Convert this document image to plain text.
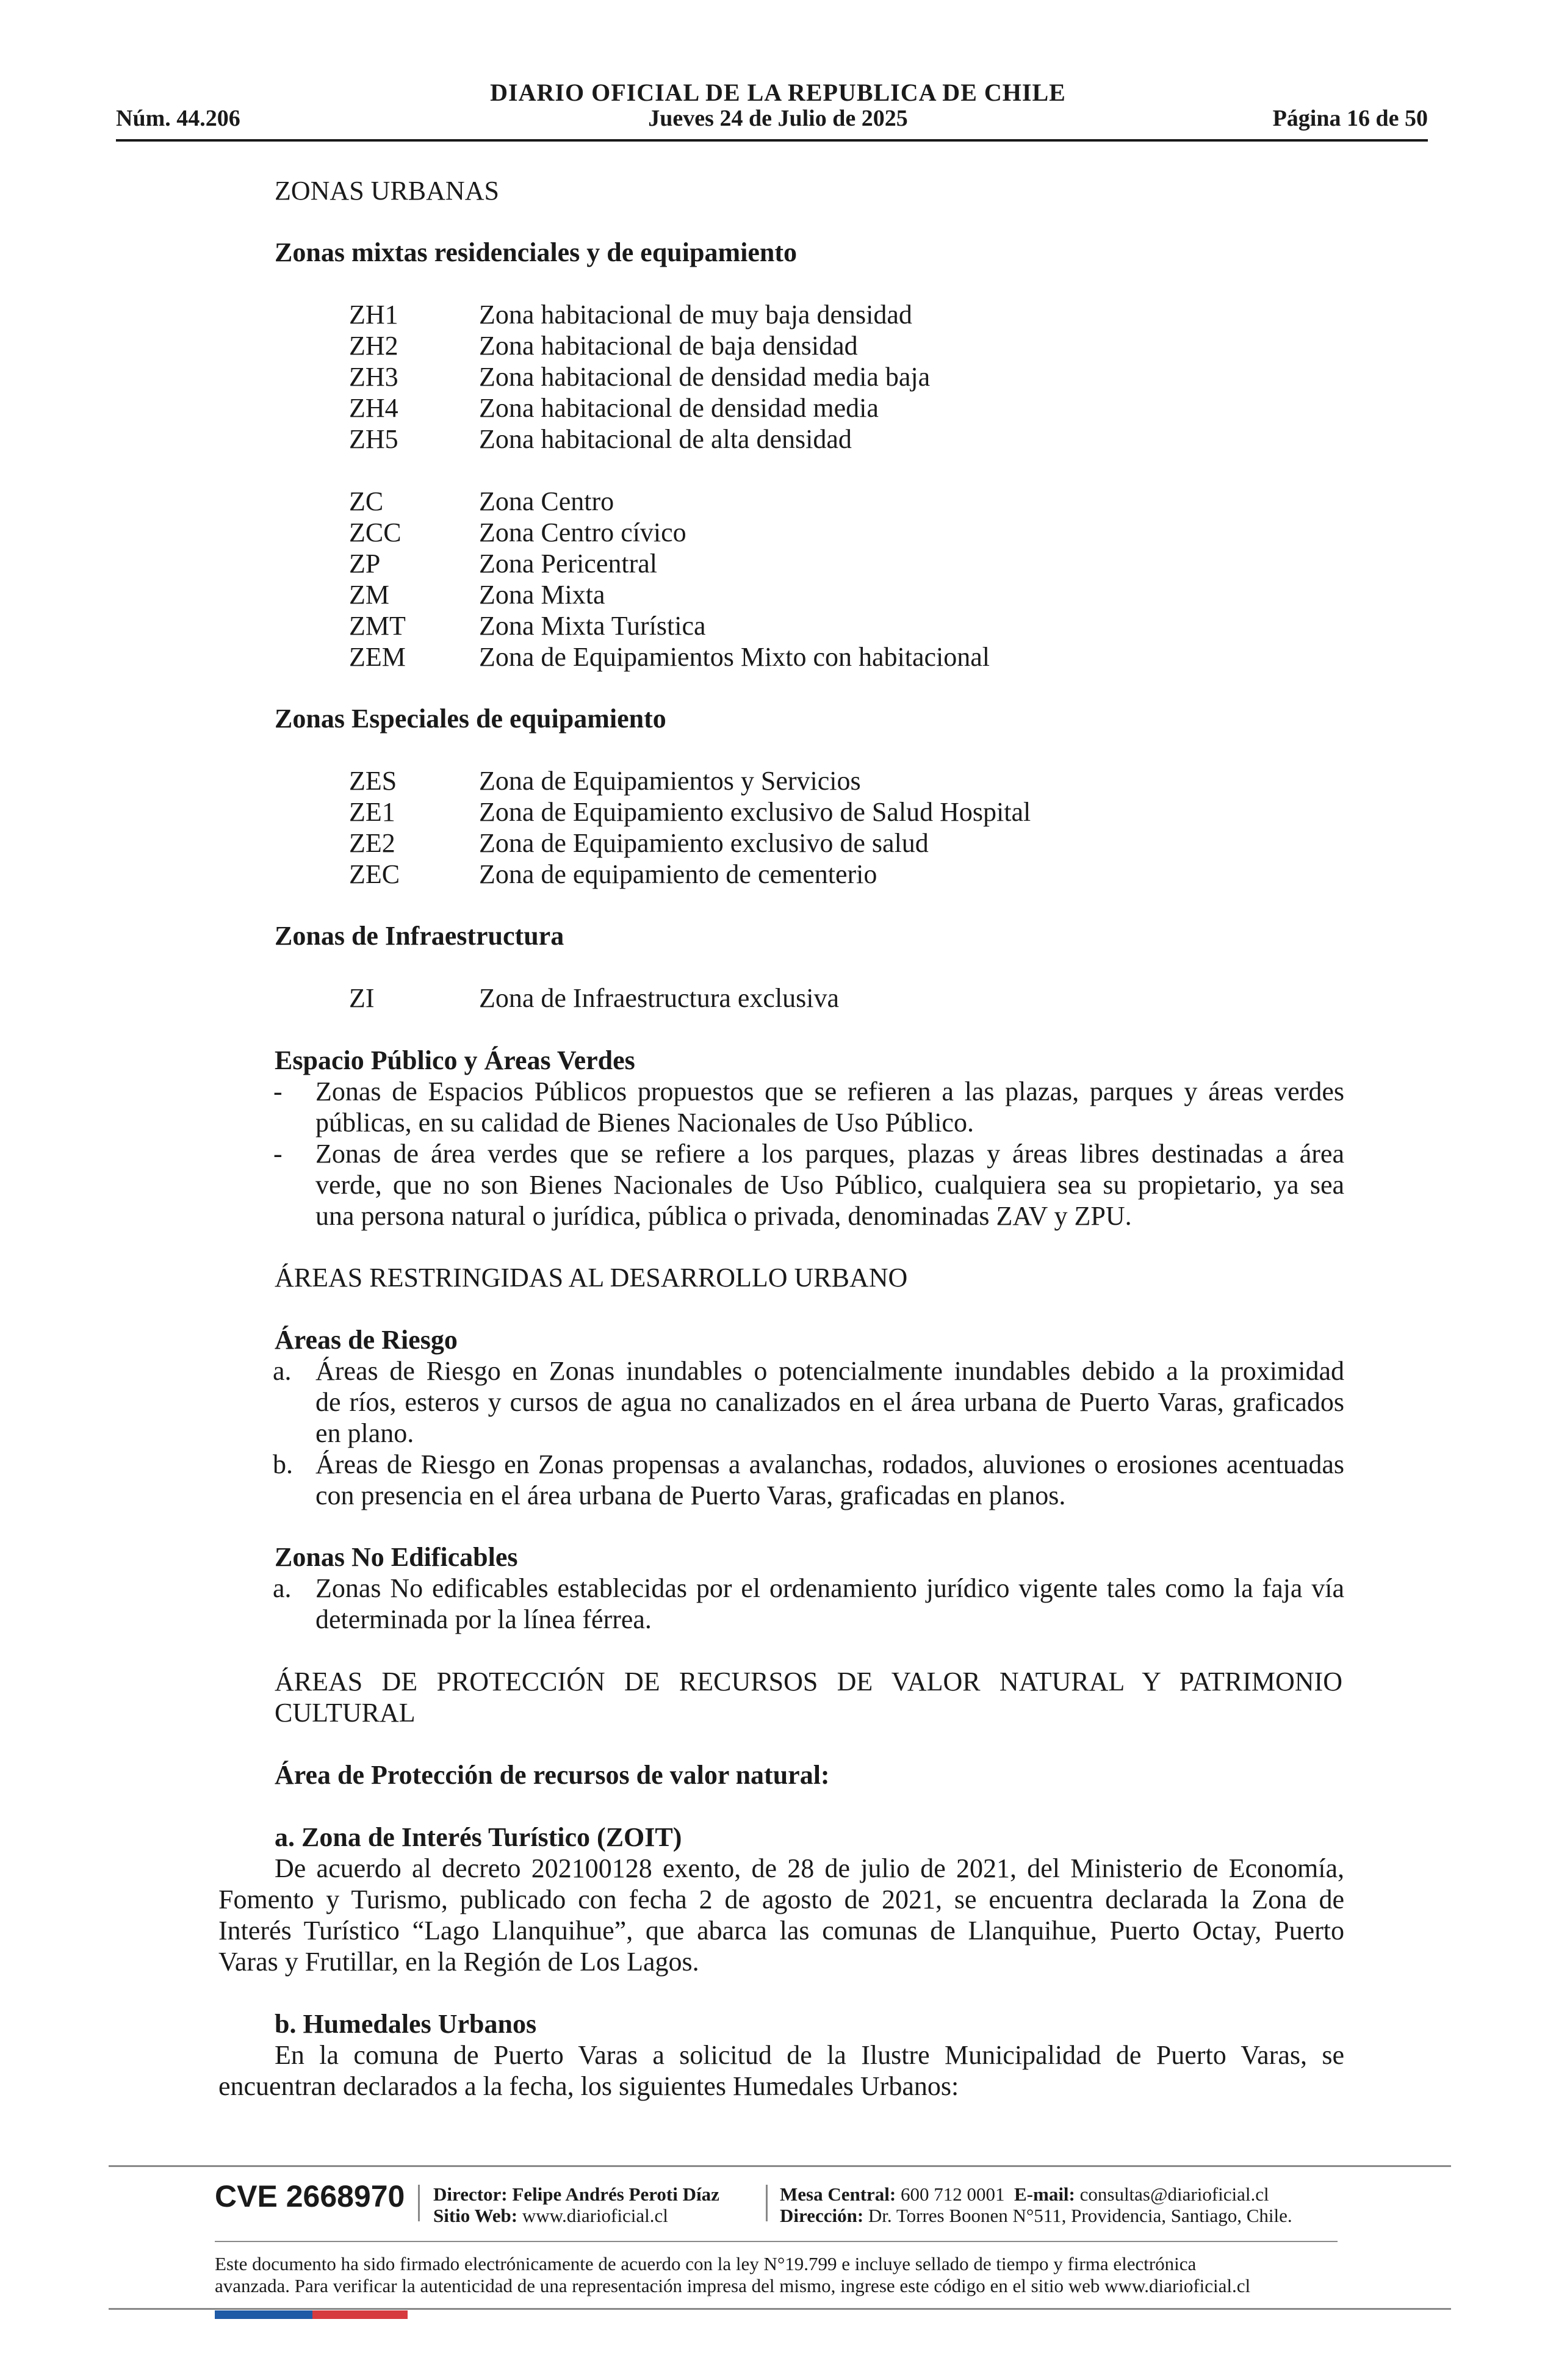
DIARIO OFICIAL DE LA REPUBLICA DE CHILE
Núm. 44.206	Jueves 24 de Julio de 2025	Página 16 de 50
ZONAS URBANAS
Zonas mixtas residenciales y de equipamiento
ZH1	Zona habitacional de muy baja densidad
ZH2	Zona habitacional de baja densidad
ZH3	Zona habitacional de densidad media baja
ZH4	Zona habitacional de densidad media
ZH5	Zona habitacional de alta densidad
ZC	Zona Centro
ZCC	Zona Centro cívico
ZP	Zona Pericentral
ZM	Zona Mixta
ZMT	Zona Mixta Turística
ZEM	Zona de Equipamientos Mixto con habitacional
Zonas Especiales de equipamiento
ZES	Zona de Equipamientos y Servicios
ZE1	Zona de Equipamiento exclusivo de Salud Hospital
ZE2	Zona de Equipamiento exclusivo de salud
ZEC	Zona de equipamiento de cementerio
Zonas de Infraestructura
ZI	Zona de Infraestructura exclusiva
Espacio Público y Áreas Verdes
- Zonas de Espacios Públicos propuestos que se refieren a las plazas, parques y áreas verdes
públicas, en su calidad de Bienes Nacionales de Uso Público.
- Zonas de área verdes que se refiere a los parques, plazas y áreas libres destinadas a área
verde, que no son Bienes Nacionales de Uso Público, cualquiera sea su propietario, ya sea
una persona natural o jurídica, pública o privada, denominadas ZAV y ZPU.
ÁREAS RESTRINGIDAS AL DESARROLLO URBANO
Áreas de Riesgo
a. Áreas de Riesgo en Zonas inundables o potencialmente inundables debido a la proximidad
de ríos, esteros y cursos de agua no canalizados en el área urbana de Puerto Varas, graficados
en plano.
b. Áreas de Riesgo en Zonas propensas a avalanchas, rodados, aluviones o erosiones acentuadas
con presencia en el área urbana de Puerto Varas, graficadas en planos.
Zonas No Edificables
a. Zonas No edificables establecidas por el ordenamiento jurídico vigente tales como la faja vía
determinada por la línea férrea.
ÁREAS DE PROTECCIÓN DE RECURSOS DE VALOR NATURAL Y PATRIMONIO
CULTURAL
Área de Protección de recursos de valor natural:
a. Zona de Interés Turístico (ZOIT)
De acuerdo al decreto 202100128 exento, de 28 de julio de 2021, del Ministerio de Economía,
Fomento y Turismo, publicado con fecha 2 de agosto de 2021, se encuentra declarada la Zona de
Interés Turístico “Lago Llanquihue”, que abarca las comunas de Llanquihue, Puerto Octay, Puerto
Varas y Frutillar, en la Región de Los Lagos.
b. Humedales Urbanos
En la comuna de Puerto Varas a solicitud de la Ilustre Municipalidad de Puerto Varas, se
encuentran declarados a la fecha, los siguientes Humedales Urbanos:
CVE 2668970 Director: Felipe Andrés Peroti Díaz
Sitio Web: www.diarioficial.cl
Mesa Central: 600 712 0001 E-mail: consultas@diarioficial.cl
Dirección: Dr. Torres Boonen N°511, Providencia, Santiago, Chile.
Este documento ha sido firmado electrónicamente de acuerdo con la ley N°19.799 e incluye sellado de tiempo y firma electrónica
avanzada. Para verificar la autenticidad de una representación impresa del mismo, ingrese este código en el sitio web www.diarioficial.cl
